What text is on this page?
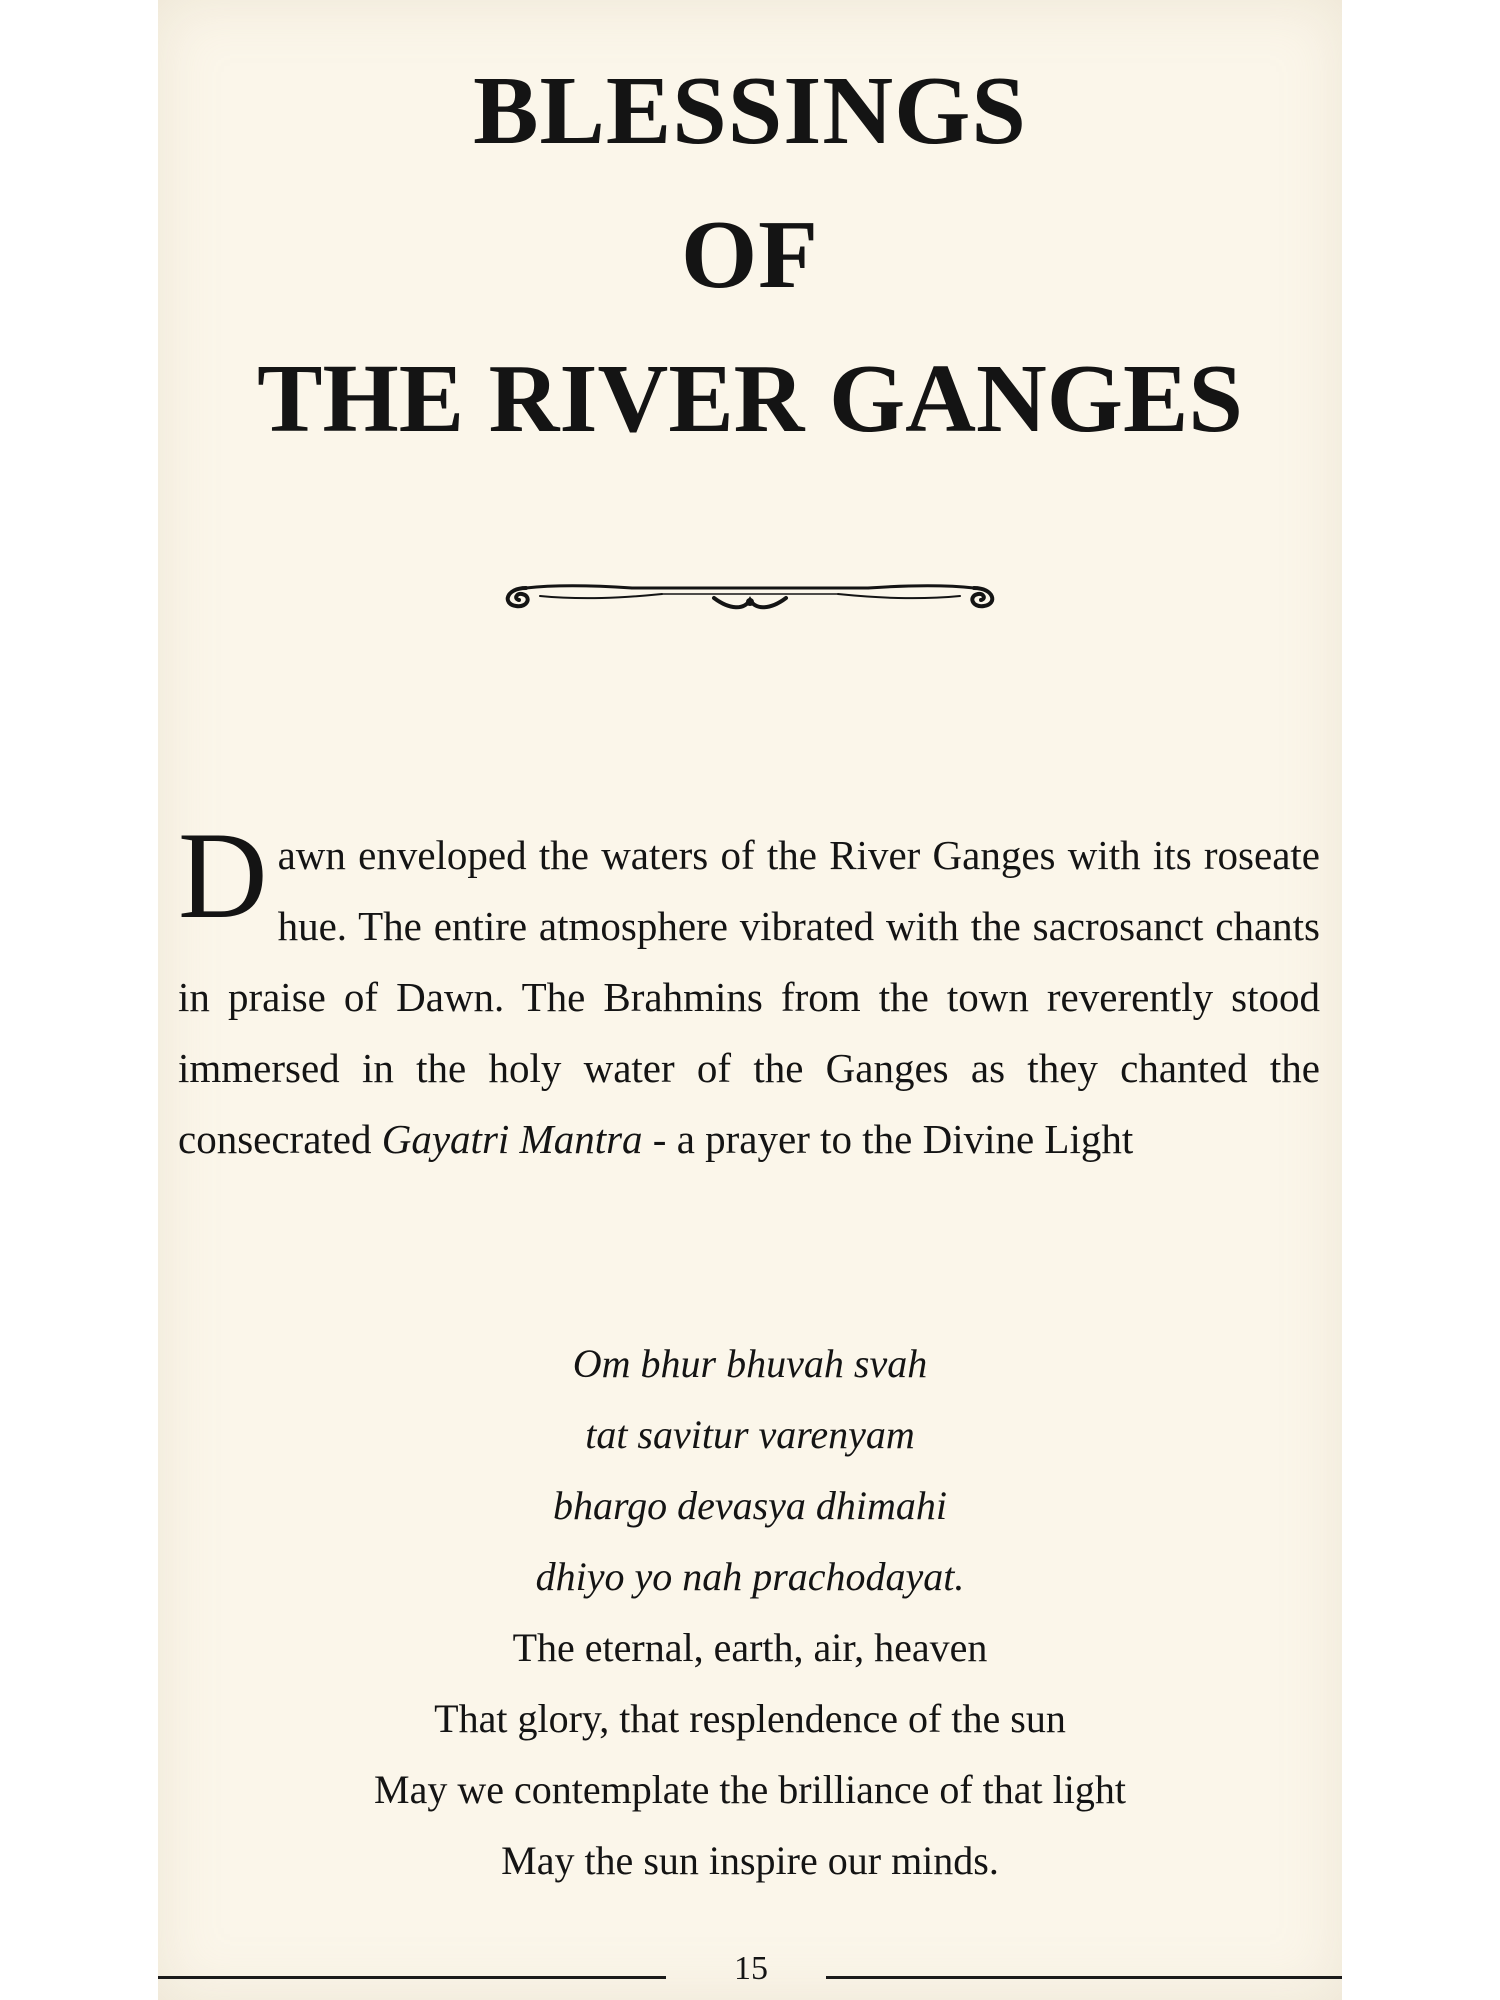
BLESSINGS
OF
THE RIVER GANGES

Dawn enveloped the waters of the River Ganges with its roseate hue. The entire atmosphere vibrated with the sacrosanct chants in praise of Dawn. The Brahmins from the town reverently stood immersed in the holy water of the Ganges as they chanted the consecrated Gayatri Mantra - a prayer to the Divine Light

Om bhur bhuvah svah

tat savitur varenyam

bhargo devasya dhimahi

dhiyo yo nah prachodayat.

The eternal, earth, air, heaven

That glory, that resplendence of the sun

May we contemplate the brilliance of that light

May the sun inspire our minds.

15
